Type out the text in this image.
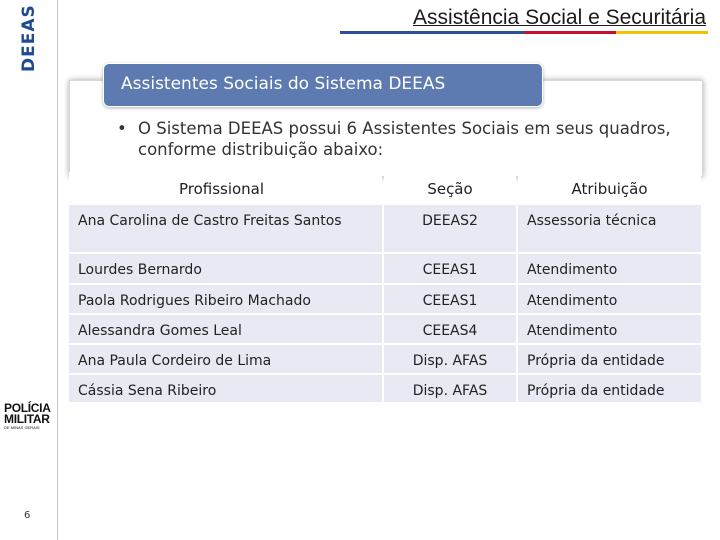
DEEAS
POLÍCIA
MILITAR
DE MINAS GERAIS
6
Assistência Social e Securitária
Assistentes Sociais do Sistema DEEAS
• O Sistema DEEAS possui 6 Assistentes Sociais em seus quadros, conforme distribuição abaixo:
Profissional	Seção	Atribuição
Ana Carolina de Castro Freitas Santos	DEEAS2	Assessoria técnica
Lourdes Bernardo	CEEAS1	Atendimento
Paola Rodrigues Ribeiro Machado	CEEAS1	Atendimento
Alessandra Gomes Leal	CEEAS4	Atendimento
Ana Paula Cordeiro de Lima	Disp. AFAS	Própria da entidade
Cássia Sena Ribeiro	Disp. AFAS	Própria da entidade
